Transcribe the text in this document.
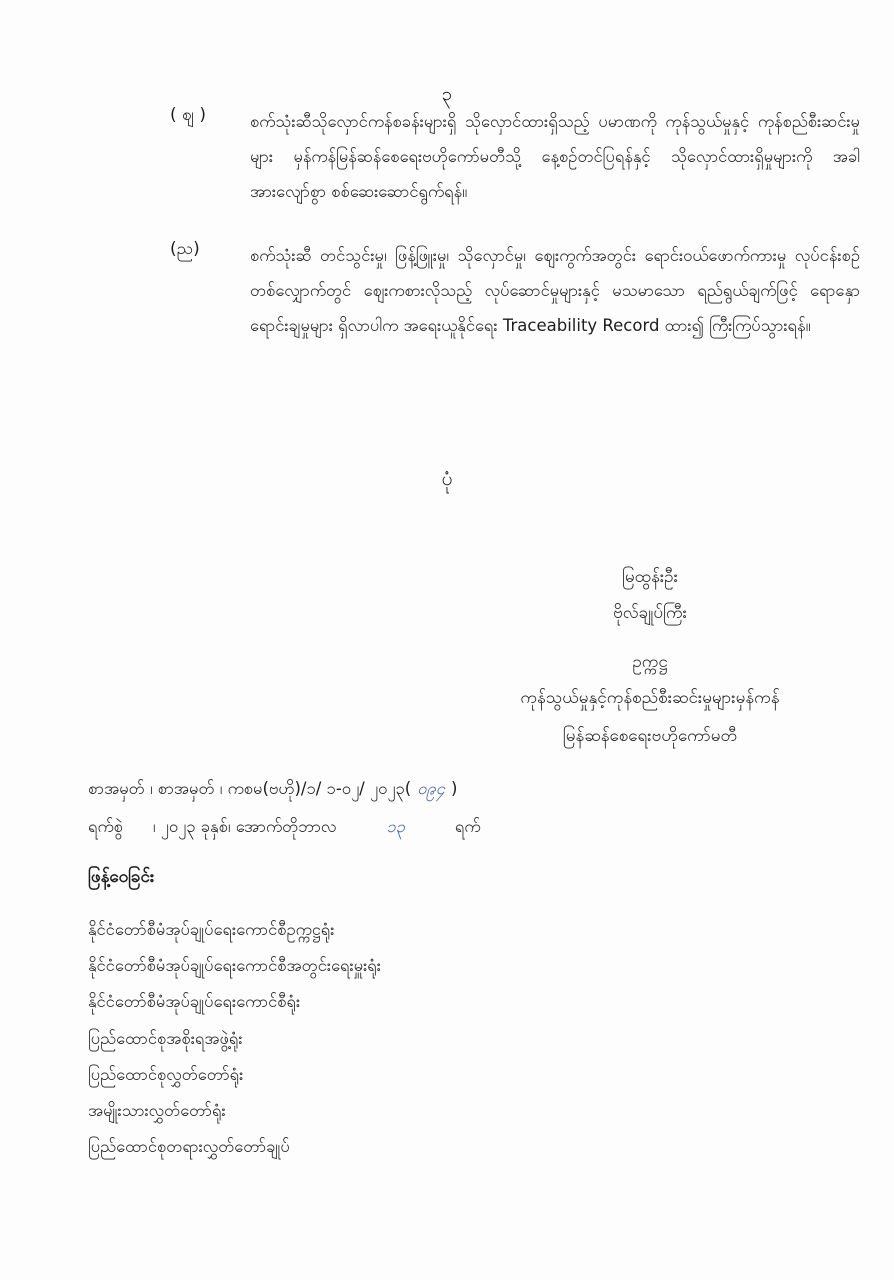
၃
( ဈ )	စက်သုံးဆီသိုလှောင်ကန်စခန်းများရှိ သိုလှောင်ထားရှိသည့် ပမာဏကို ကုန်သွယ်မှုနှင့် ကုန်စည်စီးဆင်းမှုများ မှန်ကန်မြန်ဆန်စေရေးဗဟိုကော်မတီသို့ နေ့စဉ်တင်ပြရန်နှင့် သိုလှောင်ထားရှိမှုများကို အခါအားလျော်စွာ စစ်ဆေးဆောင်ရွက်ရန်။
(ည)	စက်သုံးဆီ တင်သွင်းမှု၊ ဖြန့်ဖြူးမှု၊ သိုလှောင်မှု၊ ဈေးကွက်အတွင်း ရောင်းဝယ်ဖောက်ကားမှု လုပ်ငန်းစဉ်တစ်လျှောက်တွင် ဈေးကစားလိုသည့် လုပ်ဆောင်မှုများနှင့် မသမာသော ရည်ရွယ်ချက်ဖြင့် ရောနှောရောင်းချမှုများ ရှိလာပါက အရေးယူနိုင်ရေး Traceability Record ထား၍ ကြီးကြပ်သွားရန်။
ပုံ
မြထွန်းဦး
ဗိုလ်ချုပ်ကြီး
ဥက္ကဋ္ဌ
ကုန်သွယ်မှုနှင့်ကုန်စည်စီးဆင်းမှုများမှန်ကန်
မြန်ဆန်စေရေးဗဟိုကော်မတီ
စာအမှတ် ၊ စာအမှတ် ၊ ကစမ(ဗဟို)/၁/ ၁-၀၂/ ၂၀၂၃( ၀၉၄ )
ရက်စွဲ ၊ ၂၀၂၃ ခုနှစ်၊ အောက်တိုဘာလ	၁၃	ရက်
ဖြန့်ဝေခြင်း
နိုင်ငံတော်စီမံအုပ်ချုပ်ရေးကောင်စီဥက္ကဋ္ဌရုံး
နိုင်ငံတော်စီမံအုပ်ချုပ်ရေးကောင်စီအတွင်းရေးမှူးရုံး
နိုင်ငံတော်စီမံအုပ်ချုပ်ရေးကောင်စီရုံး
ပြည်ထောင်စုအစိုးရအဖွဲ့ရုံး
ပြည်ထောင်စုလွှတ်တော်ရုံး
အမျိုးသားလွှတ်တော်ရုံး
ပြည်ထောင်စုတရားလွှတ်တော်ချုပ်
